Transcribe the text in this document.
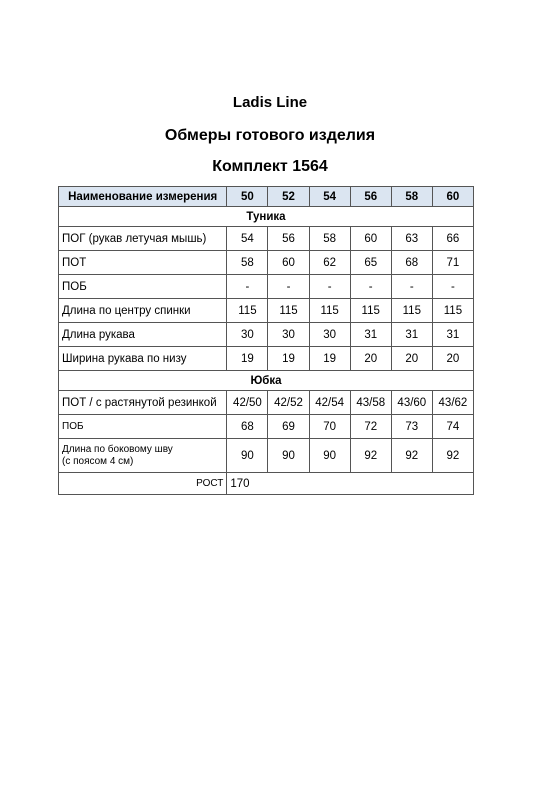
Ladis Line
Обмеры готового изделия
Комплект 1564
Наименование измерения	50	52	54	56	58	60
Туника						
ПОГ (рукав летучая мышь)	54	56	58	60	63	66
ПОТ	58	60	62	65	68	71
ПОБ	-	-	-	-	-	-
Длина по центру спинки	115	115	115	115	115	115
Длина рукава	30	30	30	31	31	31
Ширина рукава по низу	19	19	19	20	20	20
Юбка						
ПОТ / с растянутой резинкой	42/50	42/52	42/54	43/58	43/60	43/62
ПОБ	68	69	70	72	73	74
Длина по боковому шву
(с поясом 4 см)	90	90	90	92	92	92
РОСТ	170					
